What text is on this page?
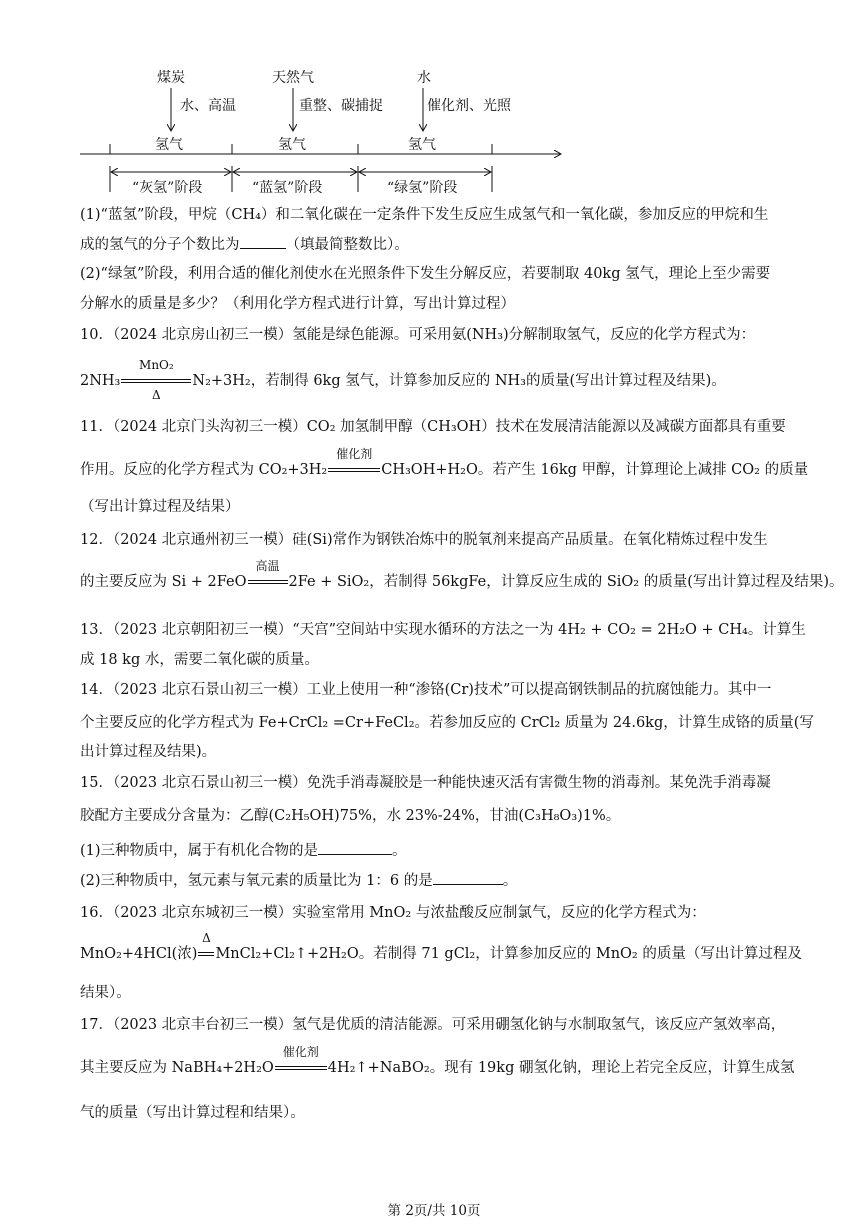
煤炭	天然气	水
水、高温	重整、碳捕捉	催化剂、光照
氢气	氢气	氢气
“灰氢”阶段	“蓝氢”阶段	“绿氢”阶段
(1)“蓝氢”阶段，甲烷（CH₄）和二氧化碳在一定条件下发生反应生成氢气和一氧化碳，参加反应的甲烷和生
成的氢气的分子个数比为	（填最简整数比）。
(2)“绿氢”阶段，利用合适的催化剂使水在光照条件下发生分解反应，若要制取 40kg 氢气，理论上至少需要
分解水的质量是多少？（利用化学方程式进行计算，写出计算过程）
10．（2024 北京房山初三一模）氢能是绿色能源。可采用氨(NH₃)分解制取氢气，反应的化学方程式为：
2NH₃
MnO₂
Δ
N₂+3H₂，若制得 6kg 氢气，计算参加反应的 NH₃的质量(写出计算过程及结果)。
11．（2024 北京门头沟初三一模）CO₂ 加氢制甲醇（CH₃OH）技术在发展清洁能源以及减碳方面都具有重要
作用。反应的化学方程式为 CO₂+3H₂
催化剂
CH₃OH+H₂O。若产生 16kg 甲醇，计算理论上减排 CO₂ 的质量
（写出计算过程及结果）
12．（2024 北京通州初三一模）硅(Si)常作为钢铁冶炼中的脱氧剂来提高产品质量。在氧化精炼过程中发生
的主要反应为 Si + 2FeO
高温
2Fe + SiO₂，若制得 56kgFe，计算反应生成的 SiO₂ 的质量(写出计算过程及结果)。
13．（2023 北京朝阳初三一模）“天宫”空间站中实现水循环的方法之一为 4H₂ + CO₂ = 2H₂O + CH₄。计算生
成 18 kg 水，需要二氧化碳的质量。
14．（2023 北京石景山初三一模）工业上使用一种“渗铬(Cr)技术”可以提高钢铁制品的抗腐蚀能力。其中一
个主要反应的化学方程式为 Fe+CrCl₂ =Cr+FeCl₂。若参加反应的 CrCl₂ 质量为 24.6kg，计算生成铬的质量(写
出计算过程及结果)。
15．（2023 北京石景山初三一模）免洗手消毒凝胶是一种能快速灭活有害微生物的消毒剂。某免洗手消毒凝
胶配方主要成分含量为：乙醇(C₂H₅OH)75%，水 23%-24%，甘油(C₃H₈O₃)1%。
(1)三种物质中，属于有机化合物的是	。
(2)三种物质中，氢元素与氧元素的质量比为 1：6 的是	。
16．（2023 北京东城初三一模）实验室常用 MnO₂ 与浓盐酸反应制氯气，反应的化学方程式为：
MnO₂+4HCl(浓)
Δ
MnCl₂+Cl₂↑+2H₂O。若制得 71 gCl₂，计算参加反应的 MnO₂ 的质量（写出计算过程及
结果）。
17．（2023 北京丰台初三一模）氢气是优质的清洁能源。可采用硼氢化钠与水制取氢气，该反应产氢效率高，
其主要反应为 NaBH₄+2H₂O
催化剂
4H₂↑+NaBO₂。现有 19kg 硼氢化钠，理论上若完全反应，计算生成氢
气的质量（写出计算过程和结果）。
第 2页/共 10页
